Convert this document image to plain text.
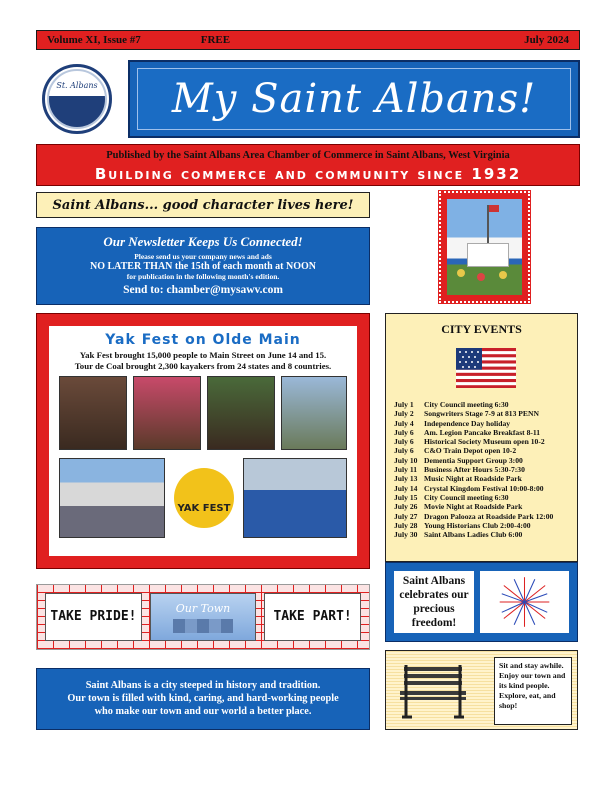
Volume XI, Issue #7	FREE	July 2024
St. Albans My Saint Albans!
Published by the Saint Albans Area Chamber of Commerce in Saint Albans, West Virginia
Building commerce and community since 1932
Saint Albans... good character lives here!
Our Newsletter Keeps Us Connected!
Please send us your company news and ads
NO LATER THAN the 15th of each month at NOON
for publication in the following month's edition.
Send to: chamber@mysawv.com
Yak Fest on Olde Main
Yak Fest brought 15,000 people to Main Street on June 14 and 15.
Tour de Coal brought 2,300 kayakers from 24 states and 8 countries.
YAK FEST
CITY EVENTS
July 1	City Council meeting 6:30
July 2	Songwriters Stage 7-9 at 813 PENN
July 4	Independence Day holiday
July 6	Am. Legion Pancake Breakfast 8-11
July 6	Historical Society Museum open 10-2
July 6	C&O Train Depot open 10-2
July 10 Dementia Support Group 3:00
July 11 Business After Hours 5:30-7:30
July 13 Music Night at Roadside Park
July 14 Crystal Kingdom Festival 10:00-8:00
July 15 City Council meeting 6:30
July 26 Movie Night at Roadside Park
July 27 Dragon Palooza at Roadside Park 12:00
July 28 Young Historians Club 2:00-4:00
July 30 Saint Albans Ladies Club 6:00
Saint Albans celebrates our precious freedom!
TAKE PRIDE!
Our Town
TAKE PART!
Saint Albans is a city steeped in history and tradition.
Our town is filled with kind, caring, and hard-working people
who make our town and our world a better place.
Sit and stay awhile. Enjoy our town and its kind people. Explore, eat, and shop!
